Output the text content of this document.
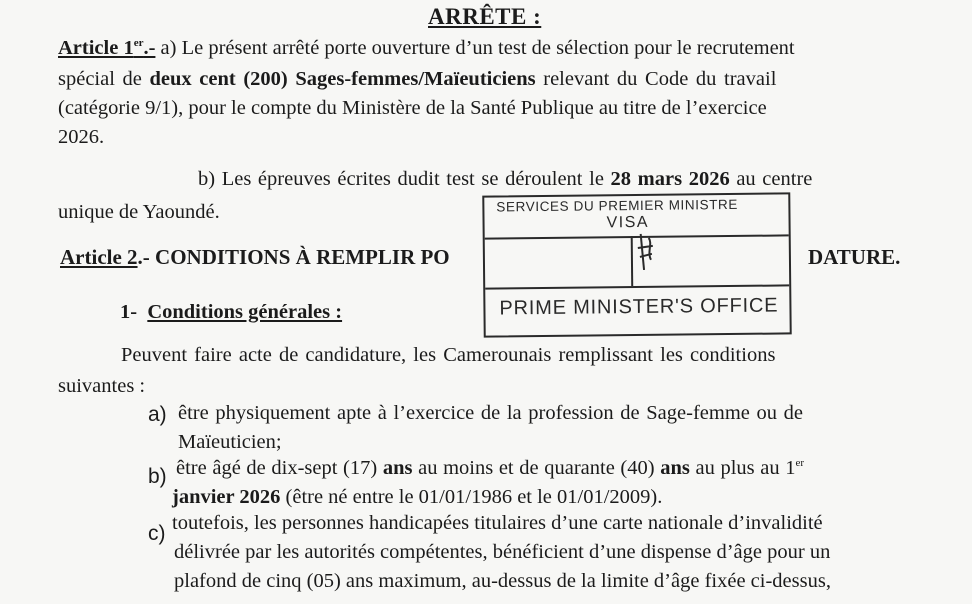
ARRÊTE :
Article 1er.- a) Le présent arrêté porte ouverture d’un test de sélection pour le recrutement
spécial de deux cent (200) Sages-femmes/Maïeuticiens relevant du Code du travail
(catégorie 9/1), pour le compte du Ministère de la Santé Publique au titre de l’exercice
2026.
b) Les épreuves écrites dudit test se déroulent le 28 mars 2026 au centre
unique de Yaoundé.
Article 2.- CONDITIONS À REMPLIR PO	DATURE.
1- Conditions générales :
Peuvent faire acte de candidature, les Camerounais remplissant les conditions
suivantes :
a) être physiquement apte à l’exercice de la profession de Sage-femme ou de
Maïeuticien;
b) être âgé de dix-sept (17) ans au moins et de quarante (40) ans au plus au 1er
janvier 2026 (être né entre le 01/01/1986 et le 01/01/2009).
c) toutefois, les personnes handicapées titulaires d’une carte nationale d’invalidité
délivrée par les autorités compétentes, bénéficient d’une dispense d’âge pour un
plafond de cinq (05) ans maximum, au-dessus de la limite d’âge fixée ci-dessus,
SERVICES DU PREMIER MINISTRE
VISA
PRIME MINISTER'S OFFICE
